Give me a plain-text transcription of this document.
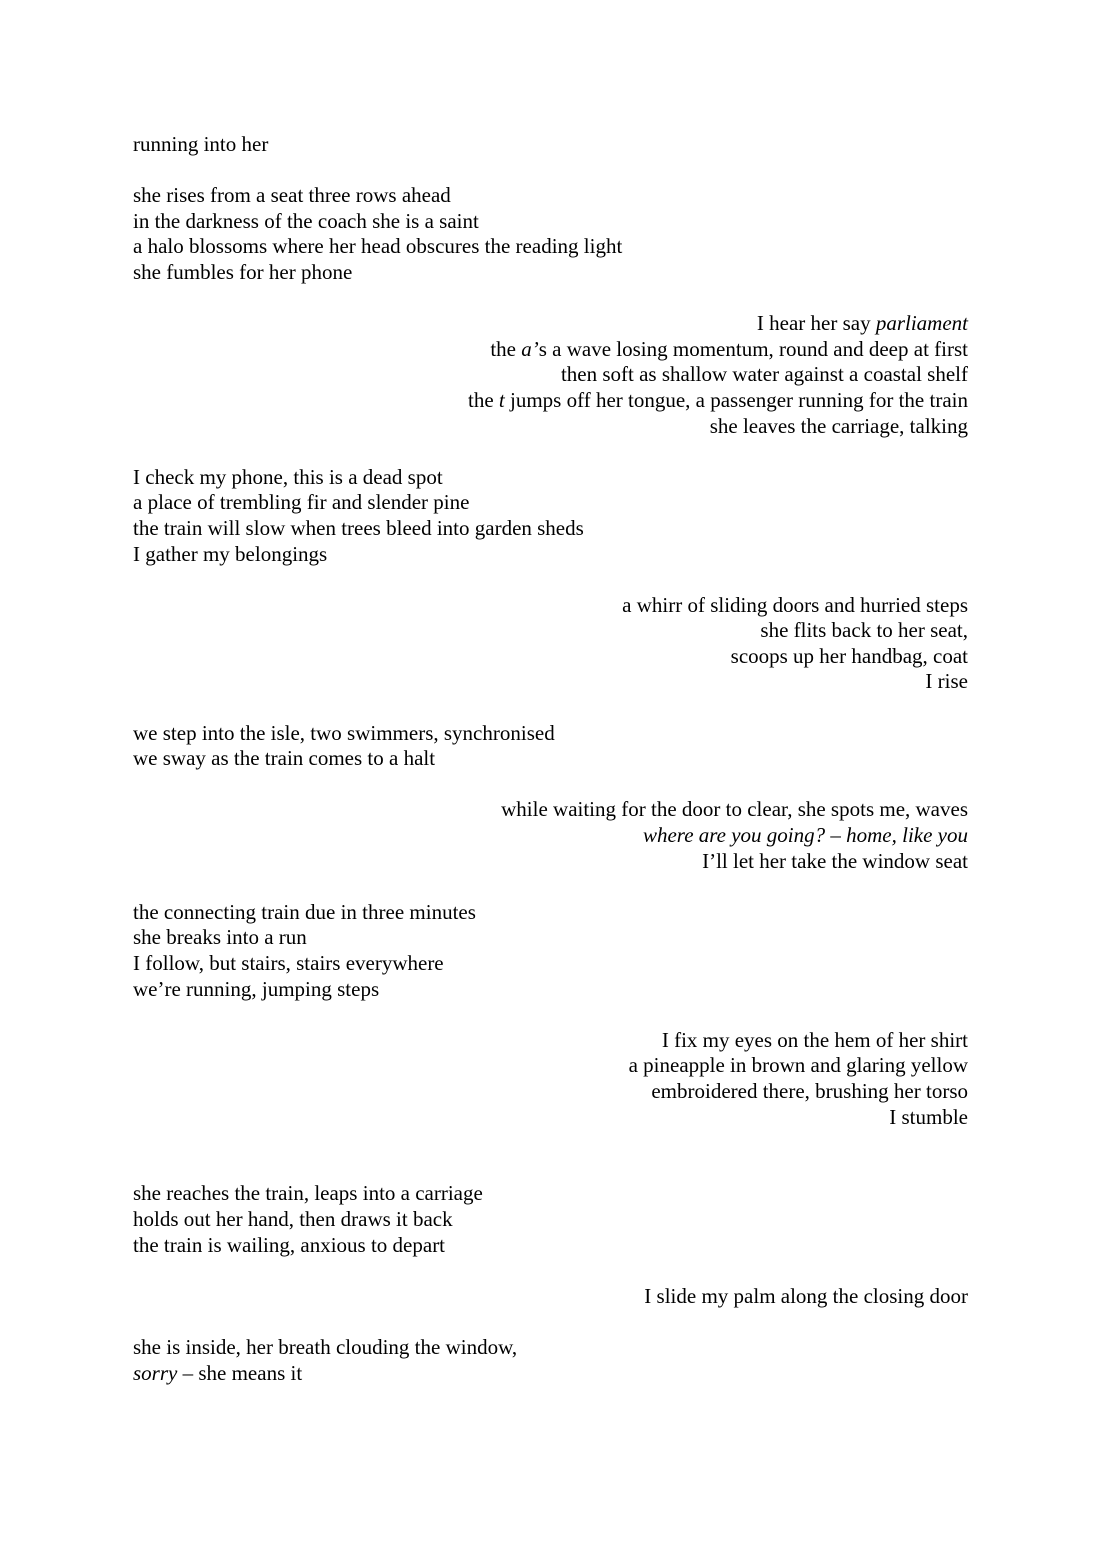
running into her
she rises from a seat three rows ahead
in the darkness of the coach she is a saint
a halo blossoms where her head obscures the reading light
she fumbles for her phone
I hear her say parliament
the a’s a wave losing momentum, round and deep at first
then soft as shallow water against a coastal shelf
the t jumps off her tongue, a passenger running for the train
she leaves the carriage, talking
I check my phone, this is a dead spot
a place of trembling fir and slender pine
the train will slow when trees bleed into garden sheds
I gather my belongings
a whirr of sliding doors and hurried steps
she flits back to her seat,
scoops up her handbag, coat
I rise
we step into the isle, two swimmers, synchronised
we sway as the train comes to a halt
while waiting for the door to clear, she spots me, waves
where are you going? – home, like you
I’ll let her take the window seat
the connecting train due in three minutes
she breaks into a run
I follow, but stairs, stairs everywhere
we’re running, jumping steps
I fix my eyes on the hem of her shirt
a pineapple in brown and glaring yellow
embroidered there, brushing her torso
I stumble
she reaches the train, leaps into a carriage
holds out her hand, then draws it back
the train is wailing, anxious to depart
I slide my palm along the closing door
she is inside, her breath clouding the window,
sorry – she means it
